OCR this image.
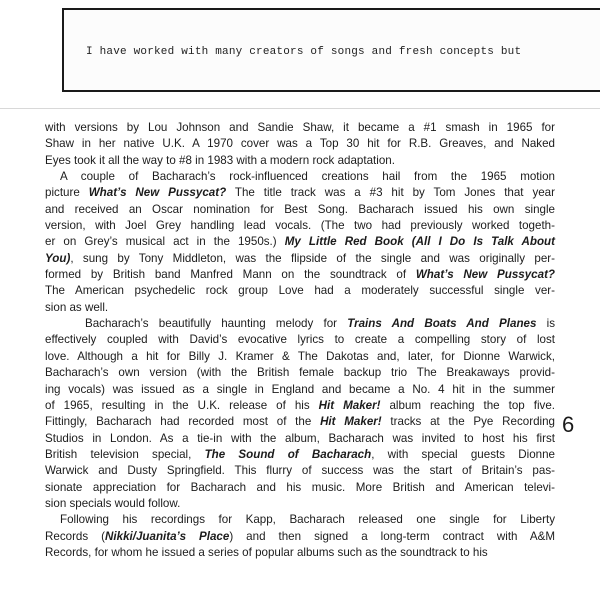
I have worked with many creators of songs and fresh concepts but
with versions by Lou Johnson and Sandie Shaw, it became a #1 smash in 1965 for
Shaw in her native U.K. A 1970 cover was a Top 30 hit for R.B. Greaves, and Naked
Eyes took it all the way to #8 in 1983 with a modern rock adaptation.
A couple of Bacharach’s rock-influenced creations hail from the 1965 motion
picture What’s New Pussycat? The title track was a #3 hit by Tom Jones that year
and received an Oscar nomination for Best Song. Bacharach issued his own single
version, with Joel Grey handling lead vocals. (The two had previously worked togeth-
er on Grey’s musical act in the 1950s.) My Little Red Book (All I Do Is Talk About
You), sung by Tony Middleton, was the flipside of the single and was originally per-
formed by British band Manfred Mann on the soundtrack of What’s New Pussycat?
The American psychedelic rock group Love had a moderately successful single ver-
sion as well.
Bacharach’s beautifully haunting melody for Trains And Boats And Planes is
effectively coupled with David’s evocative lyrics to create a compelling story of lost
love. Although a hit for Billy J. Kramer & The Dakotas and, later, for Dionne Warwick,
Bacharach’s own version (with the British female backup trio The Breakaways provid-
ing vocals) was issued as a single in England and became a No. 4 hit in the summer
of 1965, resulting in the U.K. release of his Hit Maker! album reaching the top five.
Fittingly, Bacharach had recorded most of the Hit Maker! tracks at the Pye Recording
Studios in London. As a tie-in with the album, Bacharach was invited to host his first
British television special, The Sound of Bacharach, with special guests Dionne
Warwick and Dusty Springfield. This flurry of success was the start of Britain’s pas-
sionate appreciation for Bacharach and his music. More British and American televi-
sion specials would follow.
Following his recordings for Kapp, Bacharach released one single for Liberty
Records (Nikki/Juanita’s Place) and then signed a long-term contract with A&M
Records, for whom he issued a series of popular albums such as the soundtrack to his
6
